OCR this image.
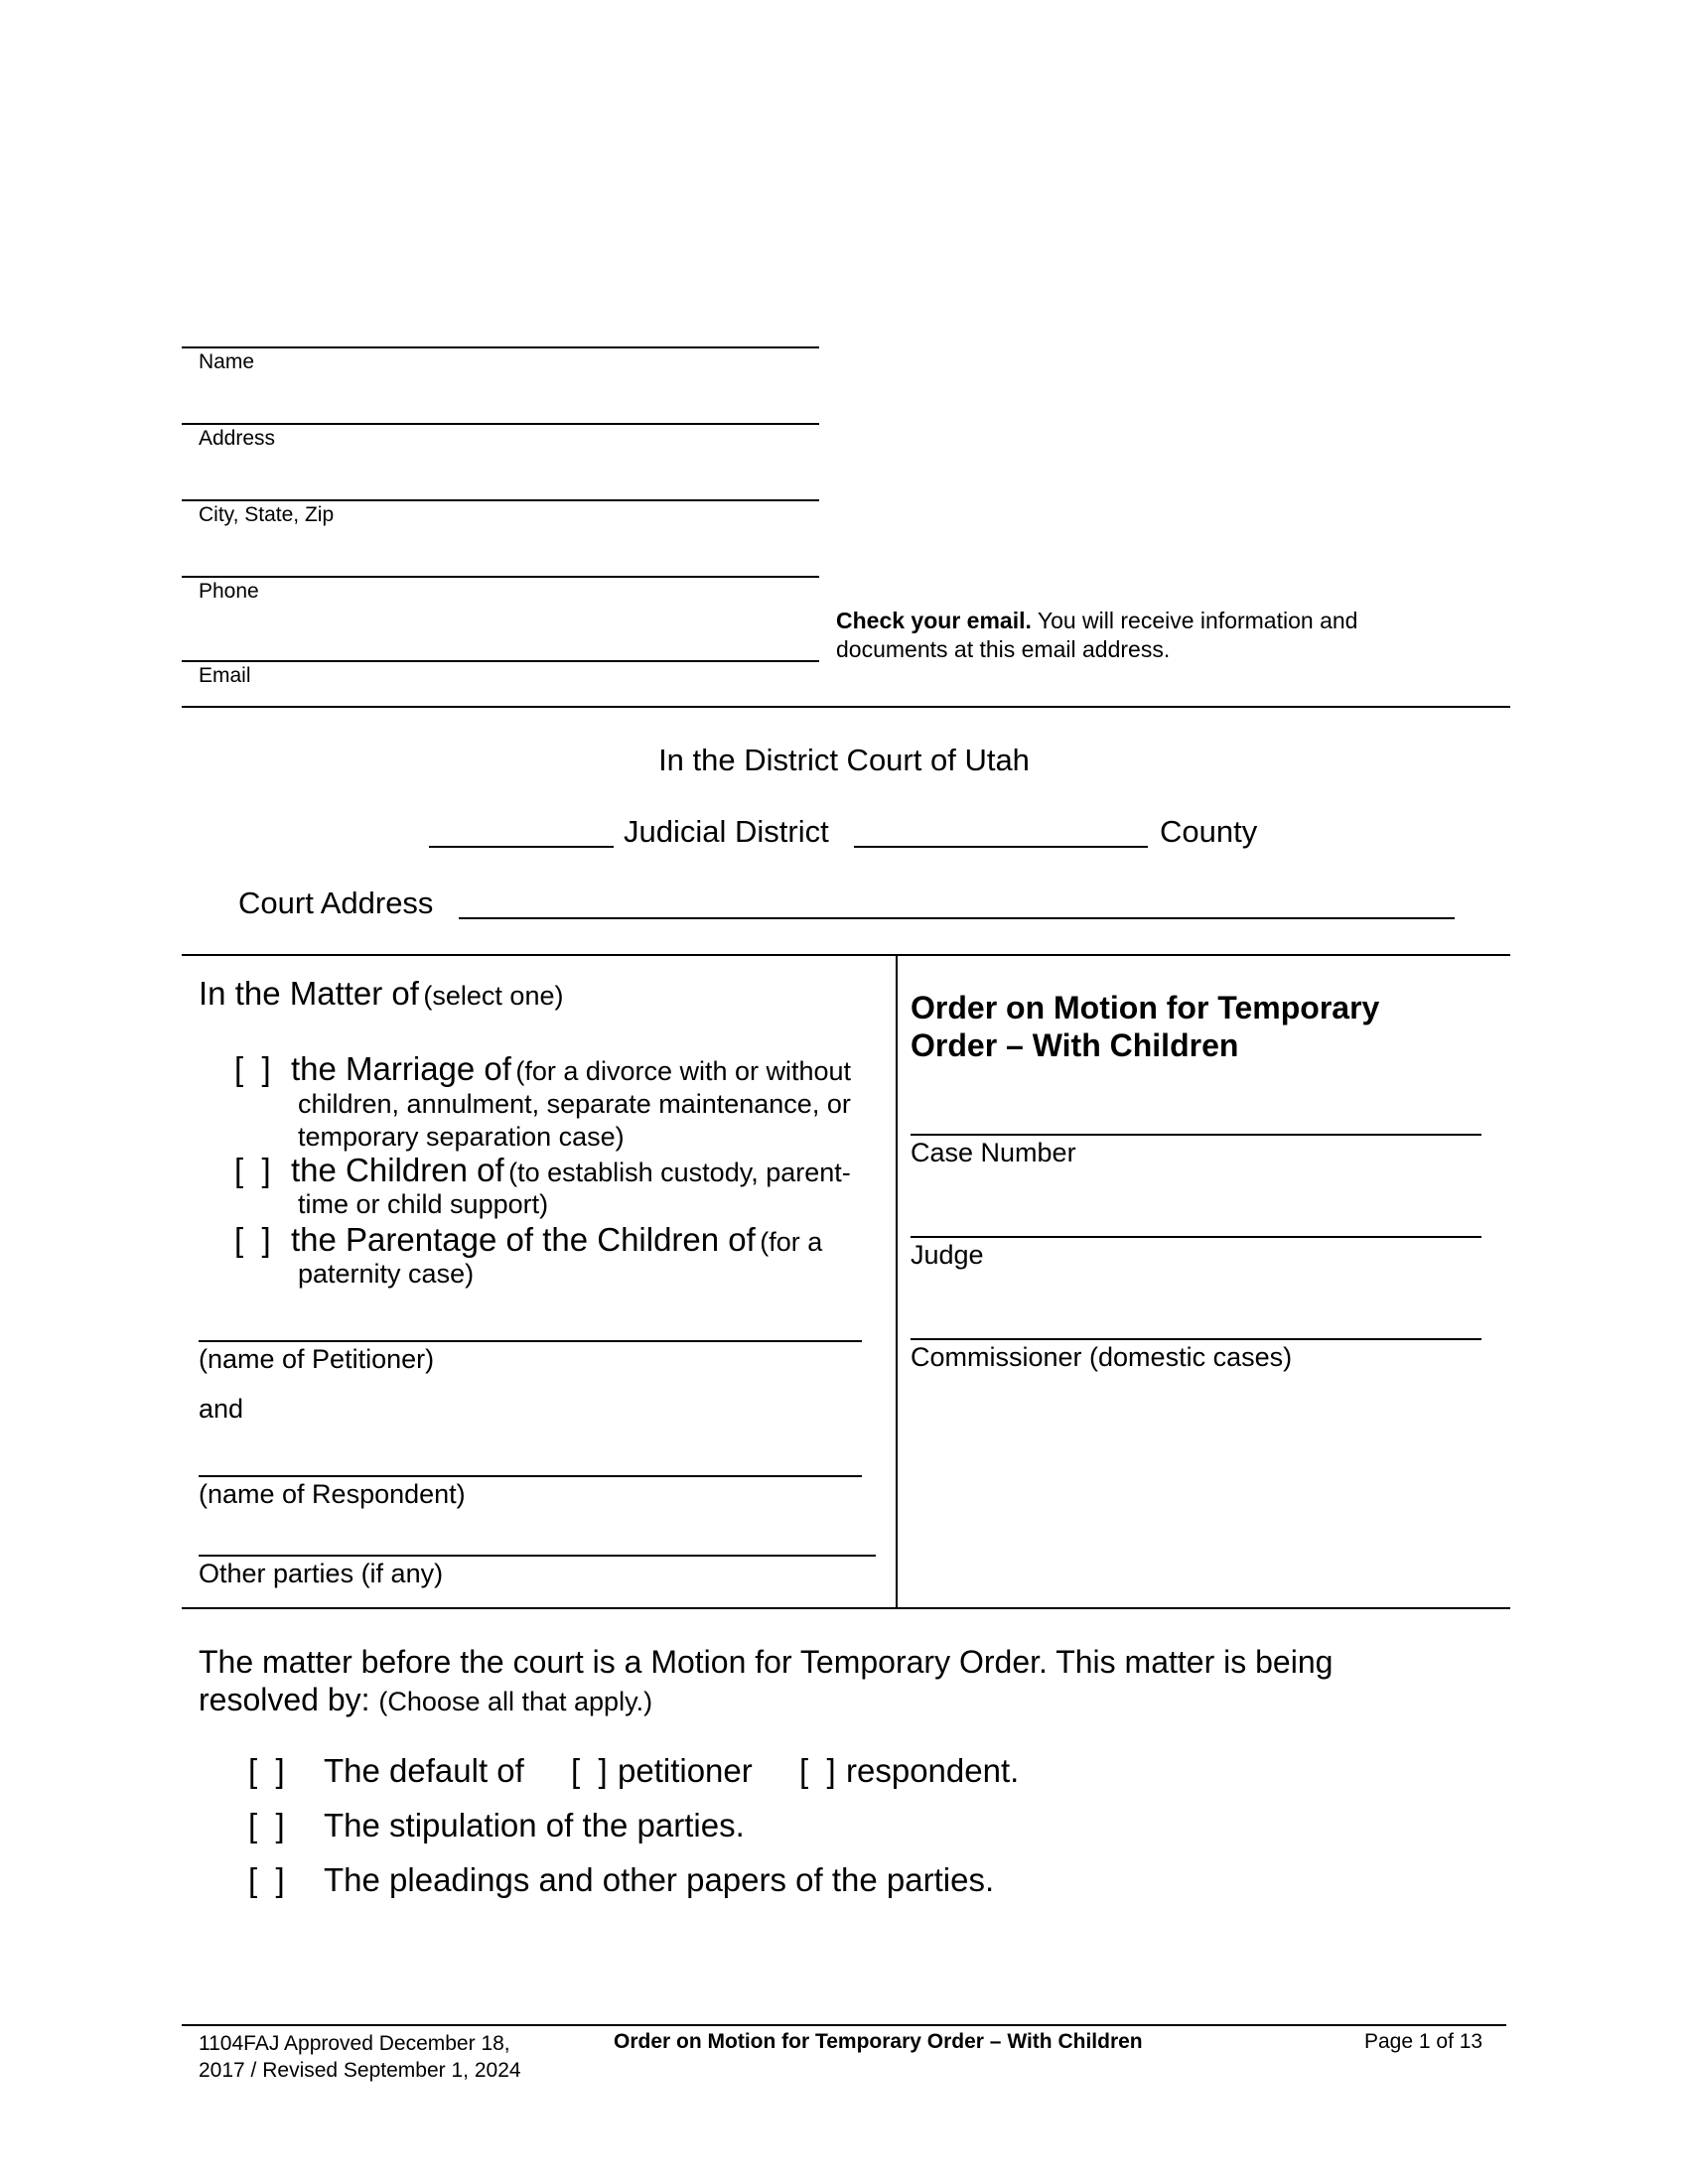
Name
Address
City, State, Zip
Phone
Email
Check your email. You will receive information and
documents at this email address.
In the District Court of Utah
Judicial District	County
Court Address
In the Matter of (select one)
[  ] the Marriage of (for a divorce with or without
children, annulment, separate maintenance, or
temporary separation case)
[  ] the Children of (to establish custody, parent-
time or child support)
[  ] the Parentage of the Children of (for a
paternity case)
(name of Petitioner)
and
(name of Respondent)
Other parties (if any)
Order on Motion for Temporary
Order – With Children
Case Number
Judge
Commissioner (domestic cases)
The matter before the court is a Motion for Temporary Order. This matter is being
resolved by: (Choose all that apply.)
[  ] The default of [  ] petitioner [  ] respondent.
[  ] The stipulation of the parties.
[  ] The pleadings and other papers of the parties.
1104FAJ Approved December 18,
2017 / Revised September 1, 2024
Order on Motion for Temporary Order – With Children	Page 1 of 13
